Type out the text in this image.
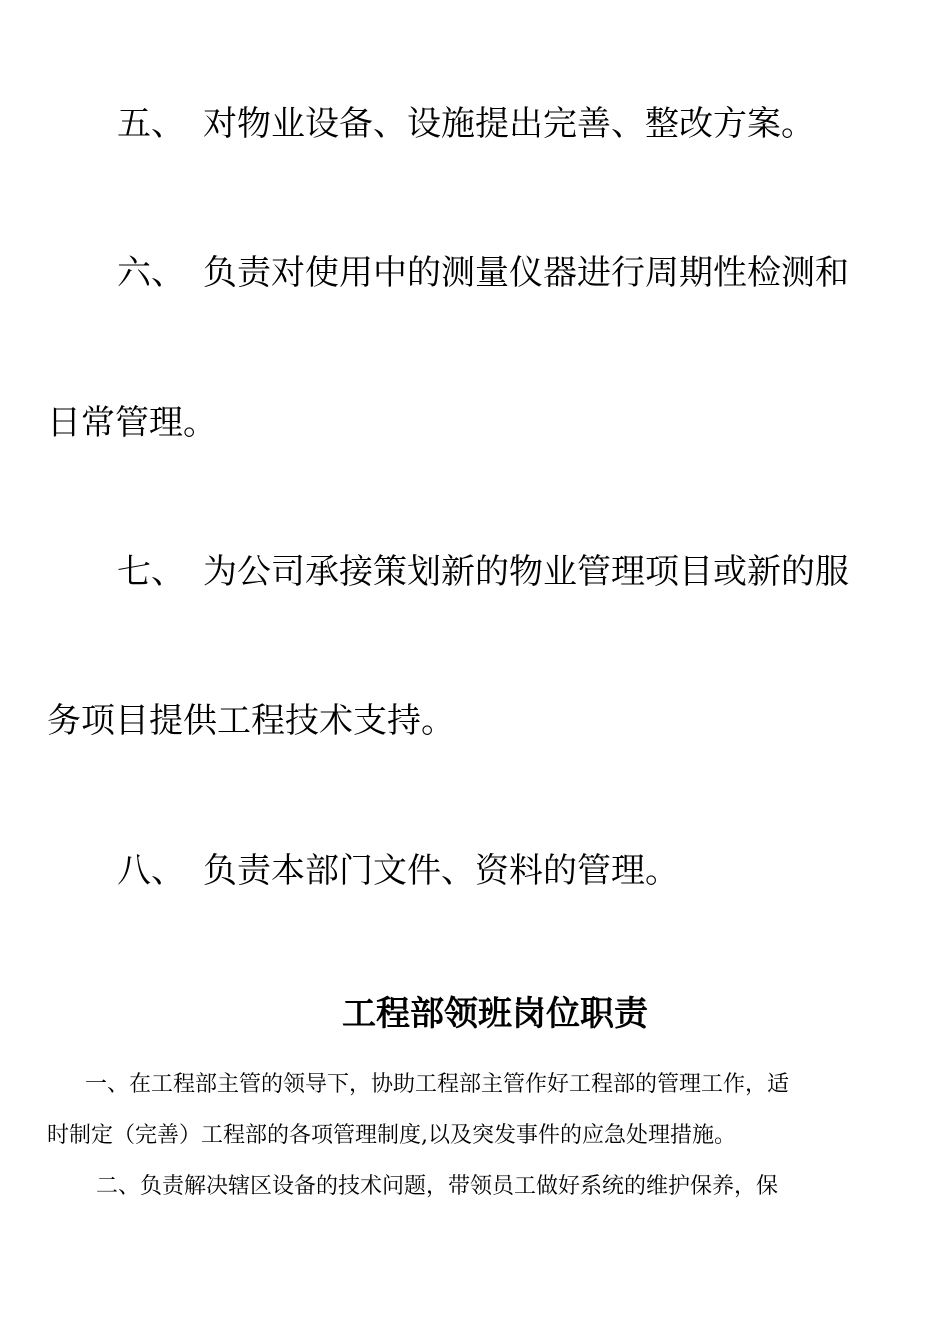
五、 对物业设备、设施提出完善、整改方案。

六、 负责对使用中的测量仪器进行周期性检测和

日常管理。

七、 为公司承接策划新的物业管理项目或新的服

务项目提供工程技术支持。

八、 负责本部门文件、资料的管理。

工程部领班岗位职责

一、在工程部主管的领导下，协助工程部主管作好工程部的管理工作，适

时制定（完善）工程部的各项管理制度,以及突发事件的应急处理措施。

二、负责解决辖区设备的技术问题，带领员工做好系统的维护保养，保
